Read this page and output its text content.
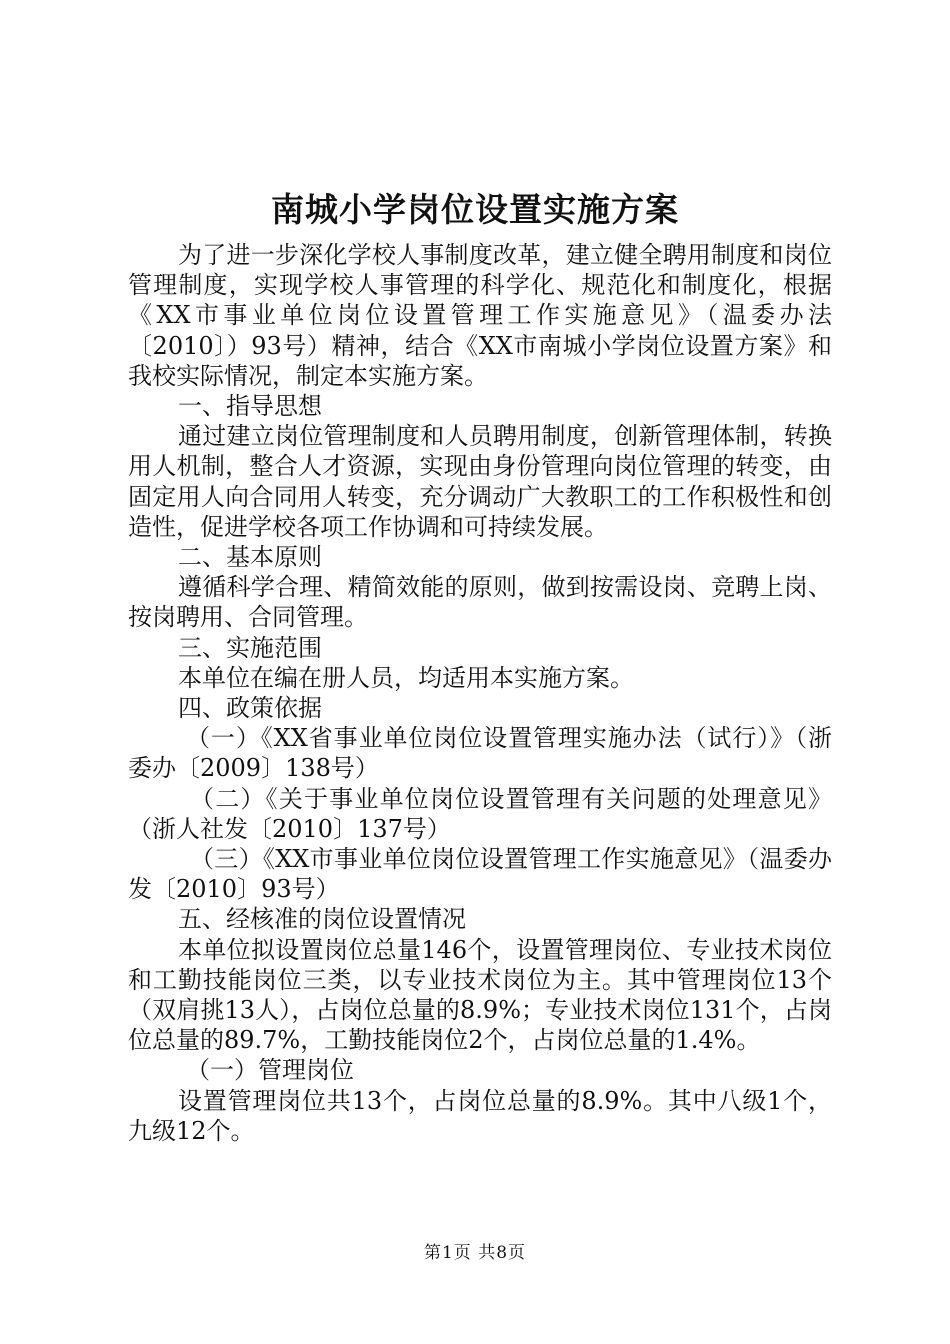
南城小学岗位设置实施方案

为了进一步深化学校人事制度改革，建立健全聘用制度和岗位管理制度，实现学校人事管理的科学化、规范化和制度化，根据《XX市事业单位岗位设置管理工作实施意见》（温委办法〔2010〕）93号）精神，结合《XX市南城小学岗位设置方案》和我校实际情况，制定本实施方案。

一、指导思想

通过建立岗位管理制度和人员聘用制度，创新管理体制，转换用人机制，整合人才资源，实现由身份管理向岗位管理的转变，由固定用人向合同用人转变，充分调动广大教职工的工作积极性和创造性，促进学校各项工作协调和可持续发展。

二、基本原则

遵循科学合理、精简效能的原则，做到按需设岗、竞聘上岗、按岗聘用、合同管理。

三、实施范围

本单位在编在册人员，均适用本实施方案。

四、政策依据

（一）《XX省事业单位岗位设置管理实施办法（试行）》（浙委办〔2009〕138号）

（二）《关于事业单位岗位设置管理有关问题的处理意见》（浙人社发〔2010〕137号）

（三）《XX市事业单位岗位设置管理工作实施意见》（温委办发〔2010〕93号）

五、经核准的岗位设置情况

本单位拟设置岗位总量146个，设置管理岗位、专业技术岗位和工勤技能岗位三类，以专业技术岗位为主。其中管理岗位13个（双肩挑13人），占岗位总量的8.9%；专业技术岗位131个，占岗位总量的89.7%，工勤技能岗位2个，占岗位总量的1.4%。

（一）管理岗位

设置管理岗位共13个，占岗位总量的8.9%。其中八级1个，九级12个。

第1页 共8页
